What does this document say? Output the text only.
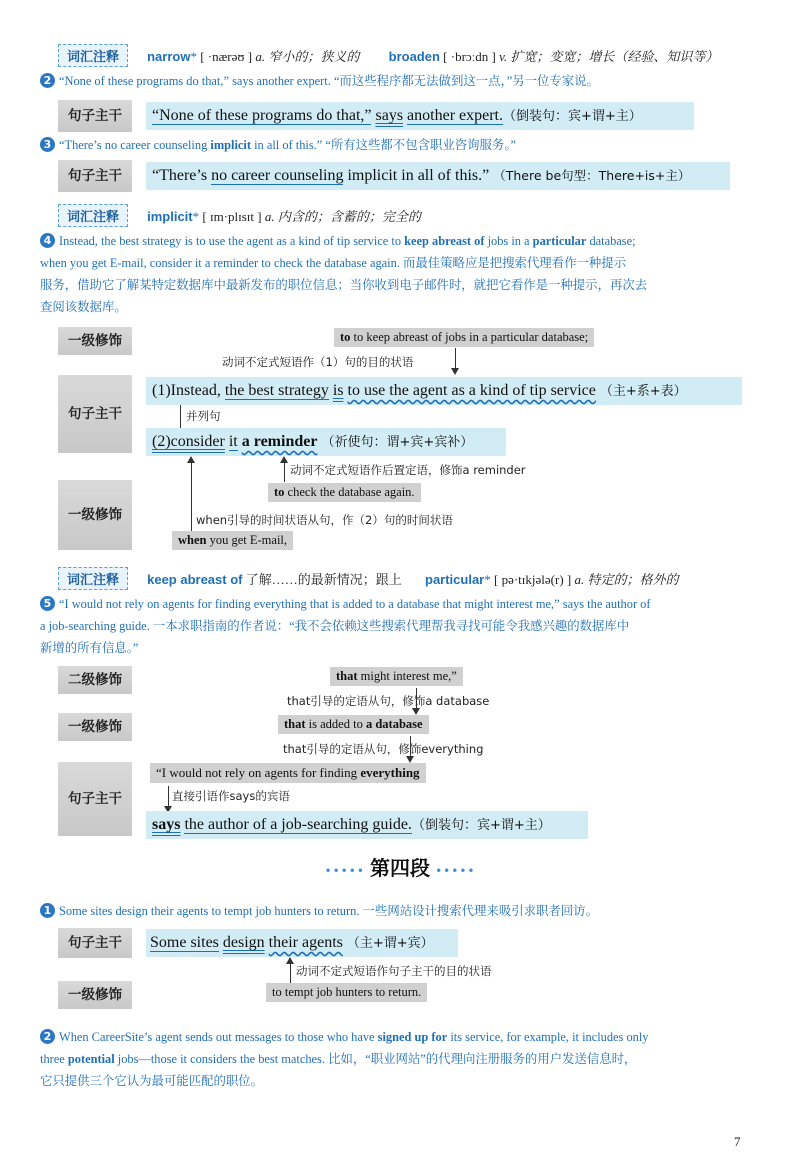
词汇注释 narrow* [ ·nærəʊ ] a. 窄小的；狭义的 broaden [ ·brɔːdn ] v. 扩宽；变宽；增长（经验、知识等）
2 “None of these programs do that,” says another expert. “而这些程序都无法做到这一点，”另一位专家说。
句子主干	“None of these programs do that,” says another expert.（倒装句：宾+谓+主）
3 “There’s no career counseling implicit in all of this.” “所有这些都不包含职业咨询服务。”
句子主干	“There’s no career counseling implicit in all of this.” （There be句型：There+is+主）
词汇注释 implicit* [ ɪm·plɪsɪt ] a. 内含的；含蓄的；完全的
4 Instead, the best strategy is to use the agent as a kind of tip service to keep abreast of jobs in a particular database;
when you get E-mail, consider it a reminder to check the database again. 而最佳策略应是把搜索代理看作一种提示
服务，借助它了解某特定数据库中最新发布的职位信息；当你收到电子邮件时，就把它看作是一种提示，再次去
查阅该数据库。
一级修饰	to to keep abreast of jobs in a particular database;
动词不定式短语作（1）句的目的状语
句子主干
(1)Instead, the best strategy is to use the agent as a kind of tip service （主+系+表）
并列句
(2)consider it a reminder （祈使句：谓+宾+宾补）
动词不定式短语作后置定语，修饰a reminder
to check the database again.
一级修饰	when引导的时间状语从句，作（2）句的时间状语
when you get E-mail,
词汇注释 keep abreast of 了解……的最新情况；跟上 particular* [ pə·tɪkjələ(r) ] a. 特定的；格外的
5 “I would not rely on agents for finding everything that is added to a database that might interest me,” says the author of
a job-searching guide. 一本求职指南的作者说：“我不会依赖这些搜索代理帮我寻找可能令我感兴趣的数据库中
新增的所有信息。”
二级修饰	that might interest me,”
that引导的定语从句，修饰a database
一级修饰	that is added to a database
that引导的定语从句，修饰everything
句子主干
“I would not rely on agents for finding everything
直接引语作says的宾语
says the author of a job-searching guide.（倒装句：宾+谓+主）
••••• 第四段 •••••
1 Some sites design their agents to tempt job hunters to return. 一些网站设计搜索代理来吸引求职者回访。
句子主干	Some sites design their agents （主+谓+宾）
动词不定式短语作句子主干的目的状语
一级修饰	to tempt job hunters to return.
2 When CareerSite’s agent sends out messages to those who have signed up for its service, for example, it includes only
three potential jobs—those it considers the best matches. 比如，“职业网站”的代理向注册服务的用户发送信息时，
它只提供三个它认为最可能匹配的职位。
7
